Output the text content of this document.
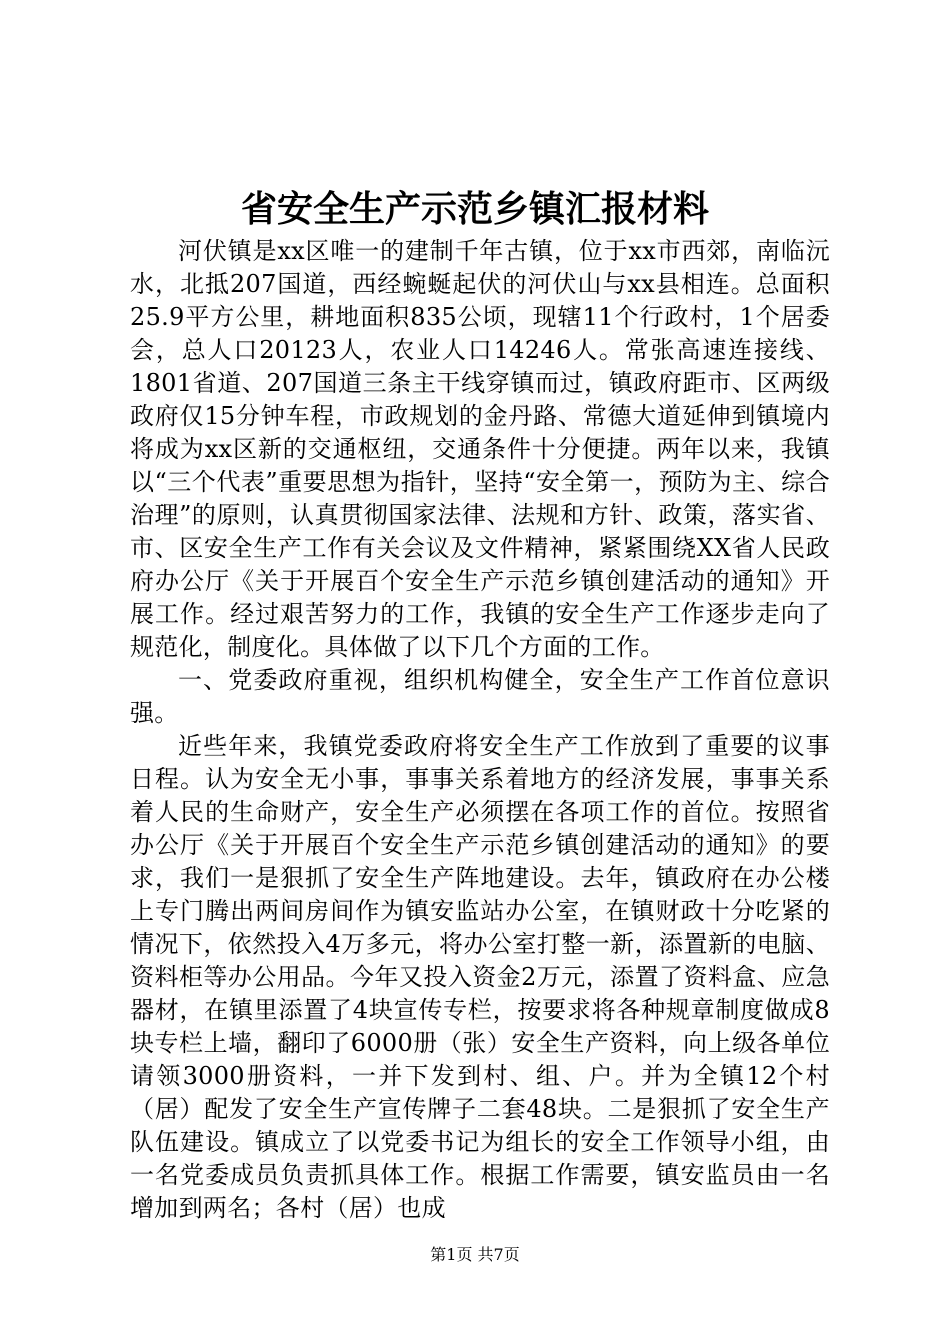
省安全生产示范乡镇汇报材料

河伏镇是xx区唯一的建制千年古镇，位于xx市西郊，南临沅水，北抵207国道，西经蜿蜒起伏的河伏山与xx县相连。总面积25.9平方公里，耕地面积835公顷，现辖11个行政村，1个居委会，总人口20123人，农业人口14246人。常张高速连接线、1801省道、207国道三条主干线穿镇而过，镇政府距市、区两级政府仅15分钟车程，市政规划的金丹路、常德大道延伸到镇境内将成为xx区新的交通枢纽，交通条件十分便捷。两年以来，我镇以“三个代表”重要思想为指针，坚持“安全第一，预防为主、综合治理”的原则，认真贯彻国家法律、法规和方针、政策，落实省、市、区安全生产工作有关会议及文件精神，紧紧围绕XX省人民政府办公厅《关于开展百个安全生产示范乡镇创建活动的通知》开展工作。经过艰苦努力的工作，我镇的安全生产工作逐步走向了规范化，制度化。具体做了以下几个方面的工作。

一、党委政府重视，组织机构健全，安全生产工作首位意识强。

近些年来，我镇党委政府将安全生产工作放到了重要的议事日程。认为安全无小事，事事关系着地方的经济发展，事事关系着人民的生命财产，安全生产必须摆在各项工作的首位。按照省办公厅《关于开展百个安全生产示范乡镇创建活动的通知》的要求，我们一是狠抓了安全生产阵地建设。去年，镇政府在办公楼上专门腾出两间房间作为镇安监站办公室，在镇财政十分吃紧的情况下，依然投入4万多元，将办公室打整一新，添置新的电脑、资料柜等办公用品。今年又投入资金2万元，添置了资料盒、应急器材，在镇里添置了4块宣传专栏，按要求将各种规章制度做成8块专栏上墙，翻印了6000册（张）安全生产资料，向上级各单位请领3000册资料，一并下发到村、组、户。并为全镇12个村（居）配发了安全生产宣传牌子二套48块。二是狠抓了安全生产队伍建设。镇成立了以党委书记为组长的安全工作领导小组，由一名党委成员负责抓具体工作。根据工作需要，镇安监员由一名增加到两名；各村（居）也成

第1页 共7页
